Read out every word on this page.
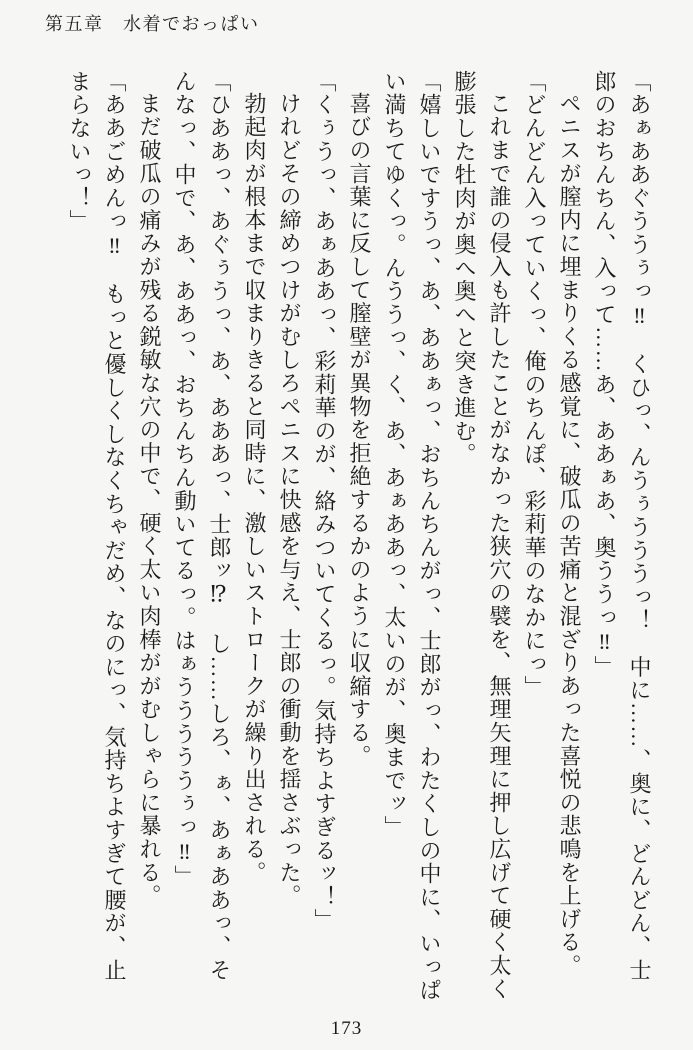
第五章　水着でおっぱい

「あぁああぐううぅっ‼　くひっ、んうぅうううっ！　中に……、奥に、どんどん、士郎のおちんちん、入って……あ、ああぁあ、奥ううっ‼」

ペニスが膣内に埋まりくる感覚に、破瓜の苦痛と混ざりあった喜悦の悲鳴を上げる。

「どんどん入っていくっ、俺のちんぽ、彩莉華のなかにっ」

これまで誰の侵入も許したことがなかった狭穴の襞を、無理矢理に押し広げて硬く太く膨張した牡肉が奥へ奥へと突き進む。

「嬉しいですうっ、あ、ああぁっ、おちんちんがっ、士郎がっ、わたくしの中に、いっぱい満ちてゆくっ。んううっ、く、あ、あぁああっ、太いのが、奥までッ」

喜びの言葉に反して膣壁が異物を拒絶するかのように収縮する。

「くぅうっ、あぁああっ、彩莉華のが、絡みついてくるっ。気持ちよすぎるッ！」

けれどその締めつけがむしろペニスに快感を与え、士郎の衝動を揺さぶった。

勃起肉が根本まで収まりきると同時に、激しいストロークが繰り出される。

「ひああっ、あぐぅうっ、あ、あああっ、士郎ッ⁉　し……しろ、ぁ、あぁああっ、そんなっ、中で、あ、ああっ、おちんちん動いてるっ。はぁうううううぅっ‼」

まだ破瓜の痛みが残る鋭敏な穴の中で、硬く太い肉棒ががむしゃらに暴れる。

「ああごめんっ‼　もっと優しくしなくちゃだめ、なのにっ、気持ちよすぎて腰が、止まらないっ！」

173
